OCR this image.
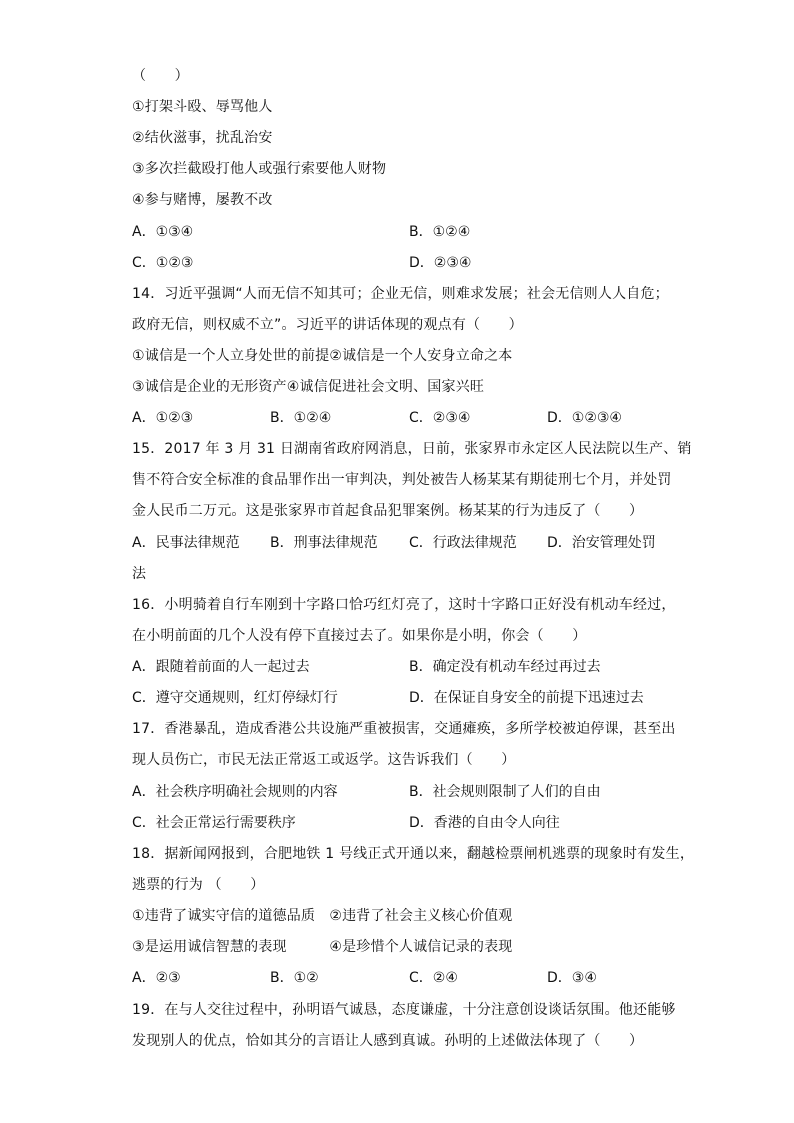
（　　）
①打架斗殴、辱骂他人
②结伙滋事，扰乱治安
③多次拦截殴打他人或强行索要他人财物
④参与赌博，屡教不改
A．①③④	B．①②④
C．①②③	D．②③④
14．习近平强调“人而无信不知其可；企业无信，则难求发展；社会无信则人人自危；
政府无信，则权威不立”。习近平的讲话体现的观点有（　　）
①诚信是一个人立身处世的前提②诚信是一个人安身立命之本
③诚信是企业的无形资产④诚信促进社会文明、国家兴旺
A．①②③	B．①②④	C．②③④	D．①②③④
15．2017 年 3 月 31 日湖南省政府网消息，日前，张家界市永定区人民法院以生产、销
售不符合安全标准的食品罪作出一审判决，判处被告人杨某某有期徒刑七个月，并处罚
金人民币二万元。这是张家界市首起食品犯罪案例。杨某某的行为违反了（　　）
A．民事法律规范 B．刑事法律规范 C．行政法律规范 D．治安管理处罚
法
16．小明骑着自行车刚到十字路口恰巧红灯亮了，这时十字路口正好没有机动车经过，
在小明前面的几个人没有停下直接过去了。如果你是小明，你会（　　）
A．跟随着前面的人一起过去	B．确定没有机动车经过再过去
C．遵守交通规则，红灯停绿灯行	D．在保证自身安全的前提下迅速过去
17．香港暴乱，造成香港公共设施严重被损害，交通瘫痪，多所学校被迫停课，甚至出
现人员伤亡，市民无法正常返工或返学。这告诉我们（　　）
A．社会秩序明确社会规则的内容	B．社会规则限制了人们的自由
C．社会正常运行需要秩序	D．香港的自由令人向往
18．据新闻网报到，合肥地铁 1 号线正式开通以来，翻越检票闸机逃票的现象时有发生，
逃票的行为 （　　）
①违背了诚实守信的道德品质　②违背了社会主义核心价值观
③是运用诚信智慧的表现　　　④是珍惜个人诚信记录的表现
A．②③	B．①②	C．②④	D．③④
19．在与人交往过程中，孙明语气诚恳，态度谦虚，十分注意创设谈话氛围。他还能够
发现别人的优点，恰如其分的言语让人感到真诚。孙明的上述做法体现了（　　）
